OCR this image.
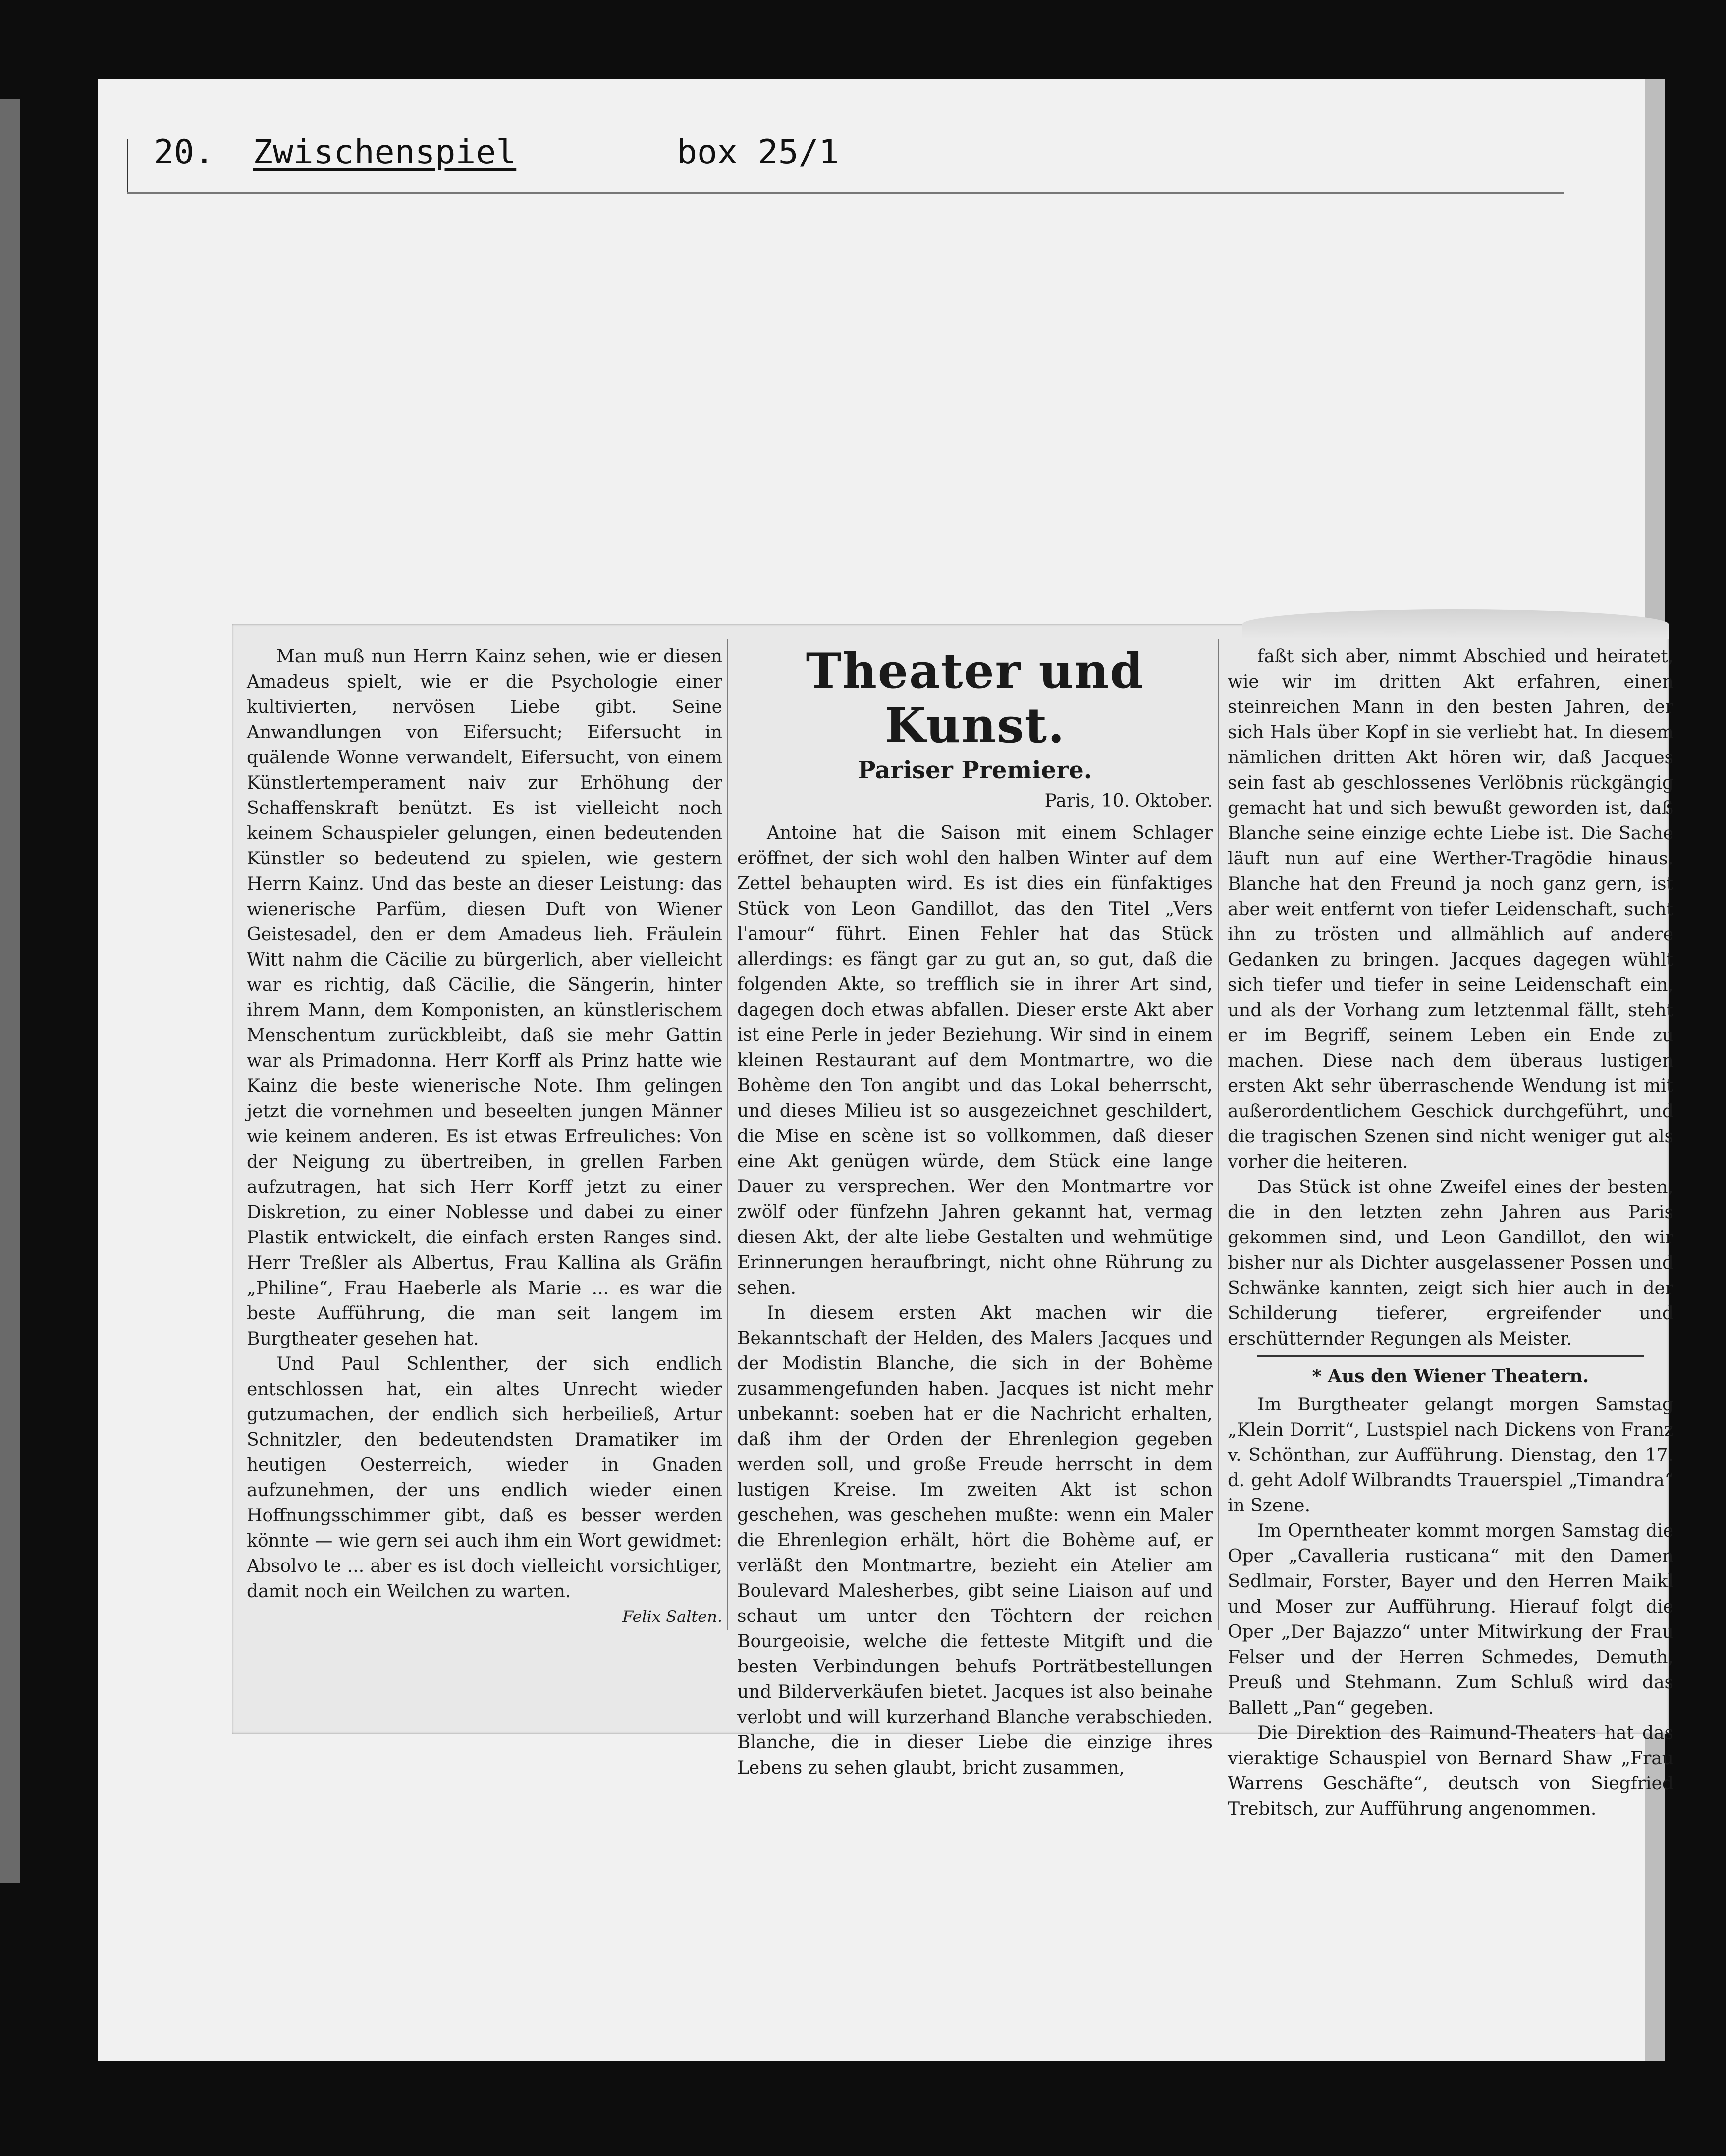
20. Zwischenspiel	box 25/1

Man muß nun Herrn Kainz sehen, wie er diesen Amadeus spielt, wie er die Psychologie einer kultivierten, nervösen Liebe gibt. Seine Anwandlungen von Eifersucht; Eifersucht in quälende Wonne verwandelt, Eifersucht, von einem Künstlertemperament naiv zur Erhöhung der Schaffenskraft benützt. Es ist vielleicht noch keinem Schauspieler gelungen, einen bedeutenden Künstler so bedeutend zu spielen, wie gestern Herrn Kainz. Und das beste an dieser Leistung: das wienerische Parfüm, diesen Duft von Wiener Geistesadel, den er dem Amadeus lieh. Fräulein Witt nahm die Cäcilie zu bürgerlich, aber vielleicht war es richtig, daß Cäcilie, die Sängerin, hinter ihrem Mann, dem Komponisten, an künstlerischem Menschentum zurückbleibt, daß sie mehr Gattin war als Primadonna. Herr Korff als Prinz hatte wie Kainz die beste wienerische Note. Ihm gelingen jetzt die vornehmen und beseelten jungen Männer wie keinem anderen. Es ist etwas Erfreuliches: Von der Neigung zu übertreiben, in grellen Farben aufzutragen, hat sich Herr Korff jetzt zu einer Diskretion, zu einer Noblesse und dabei zu einer Plastik entwickelt, die einfach ersten Ranges sind. Herr Treßler als Albertus, Frau Kallina als Gräfin „Philine“, Frau Haeberle als Marie ... es war die beste Aufführung, die man seit langem im Burgtheater gesehen hat.

Und Paul Schlenther, der sich endlich entschlossen hat, ein altes Unrecht wieder gutzumachen, der endlich sich herbeiließ, Artur Schnitzler, den bedeutendsten Dramatiker im heutigen Oesterreich, wieder in Gnaden aufzunehmen, der uns endlich wieder einen Hoffnungsschimmer gibt, daß es besser werden könnte — wie gern sei auch ihm ein Wort gewidmet: Absolvo te ... aber es ist doch vielleicht vorsichtiger, damit noch ein Weilchen zu warten.

Felix Salten.
Theater und Kunst.
Pariser Premiere.
Paris, 10. Oktober.

Antoine hat die Saison mit einem Schlager eröffnet, der sich wohl den halben Winter auf dem Zettel behaupten wird. Es ist dies ein fünfaktiges Stück von Leon Gandillot, das den Titel „Vers l'amour“ führt. Einen Fehler hat das Stück allerdings: es fängt gar zu gut an, so gut, daß die folgenden Akte, so trefflich sie in ihrer Art sind, dagegen doch etwas abfallen. Dieser erste Akt aber ist eine Perle in jeder Beziehung. Wir sind in einem kleinen Restaurant auf dem Montmartre, wo die Bohème den Ton angibt und das Lokal beherrscht, und dieses Milieu ist so ausgezeichnet geschildert, die Mise en scène ist so vollkommen, daß dieser eine Akt genügen würde, dem Stück eine lange Dauer zu versprechen. Wer den Montmartre vor zwölf oder fünfzehn Jahren gekannt hat, vermag diesen Akt, der alte liebe Gestalten und wehmütige Erinnerungen heraufbringt, nicht ohne Rührung zu sehen.

In diesem ersten Akt machen wir die Bekanntschaft der Helden, des Malers Jacques und der Modistin Blanche, die sich in der Bohème zusammengefunden haben. Jacques ist nicht mehr unbekannt: soeben hat er die Nachricht erhalten, daß ihm der Orden der Ehrenlegion gegeben werden soll, und große Freude herrscht in dem lustigen Kreise. Im zweiten Akt ist schon geschehen, was geschehen mußte: wenn ein Maler die Ehrenlegion erhält, hört die Bohème auf, er verläßt den Montmartre, bezieht ein Atelier am Boulevard Malesherbes, gibt seine Liaison auf und schaut um unter den Töchtern der reichen Bourgeoisie, welche die fetteste Mitgift und die besten Verbindungen behufs Porträtbestellungen und Bilderverkäufen bietet. Jacques ist also beinahe verlobt und will kurzerhand Blanche verabschieden. Blanche, die in dieser Liebe die einzige ihres Lebens zu sehen glaubt, bricht zusammen,

faßt sich aber, nimmt Abschied und heiratet, wie wir im dritten Akt erfahren, einen steinreichen Mann in den besten Jahren, der sich Hals über Kopf in sie verliebt hat. In diesem nämlichen dritten Akt hören wir, daß Jacques sein fast ab geschlossenes Verlöbnis rückgängig gemacht hat und sich bewußt geworden ist, daß Blanche seine einzige echte Liebe ist. Die Sache läuft nun auf eine Werther-Tragödie hinaus. Blanche hat den Freund ja noch ganz gern, ist aber weit entfernt von tiefer Leidenschaft, sucht ihn zu trösten und allmählich auf andere Gedanken zu bringen. Jacques dagegen wühlt sich tiefer und tiefer in seine Leidenschaft ein, und als der Vorhang zum letztenmal fällt, steht er im Begriff, seinem Leben ein Ende zu machen. Diese nach dem überaus lustigen ersten Akt sehr überraschende Wendung ist mit außerordentlichem Geschick durchgeführt, und die tragischen Szenen sind nicht weniger gut als vorher die heiteren.

Das Stück ist ohne Zweifel eines der besten, die in den letzten zehn Jahren aus Paris gekommen sind, und Leon Gandillot, den wir bisher nur als Dichter ausgelassener Possen und Schwänke kannten, zeigt sich hier auch in der Schilderung tieferer, ergreifender und erschütternder Regungen als Meister.

* Aus den Wiener Theatern.

Im Burgtheater gelangt morgen Samstag „Klein Dorrit“, Lustspiel nach Dickens von Franz v. Schönthan, zur Aufführung. Dienstag, den 17. d. geht Adolf Wilbrandts Trauerspiel „Timandra“ in Szene.

Im Operntheater kommt morgen Samstag die Oper „Cavalleria rusticana“ mit den Damen Sedlmair, Forster, Bayer und den Herren Maikl und Moser zur Aufführung. Hierauf folgt die Oper „Der Bajazzo“ unter Mitwirkung der Frau Felser und der Herren Schmedes, Demuth, Preuß und Stehmann. Zum Schluß wird das Ballett „Pan“ gegeben.

Die Direktion des Raimund-Theaters hat das vieraktige Schauspiel von Bernard Shaw „Frau Warrens Geschäfte“, deutsch von Siegfried Trebitsch, zur Aufführung angenommen.
